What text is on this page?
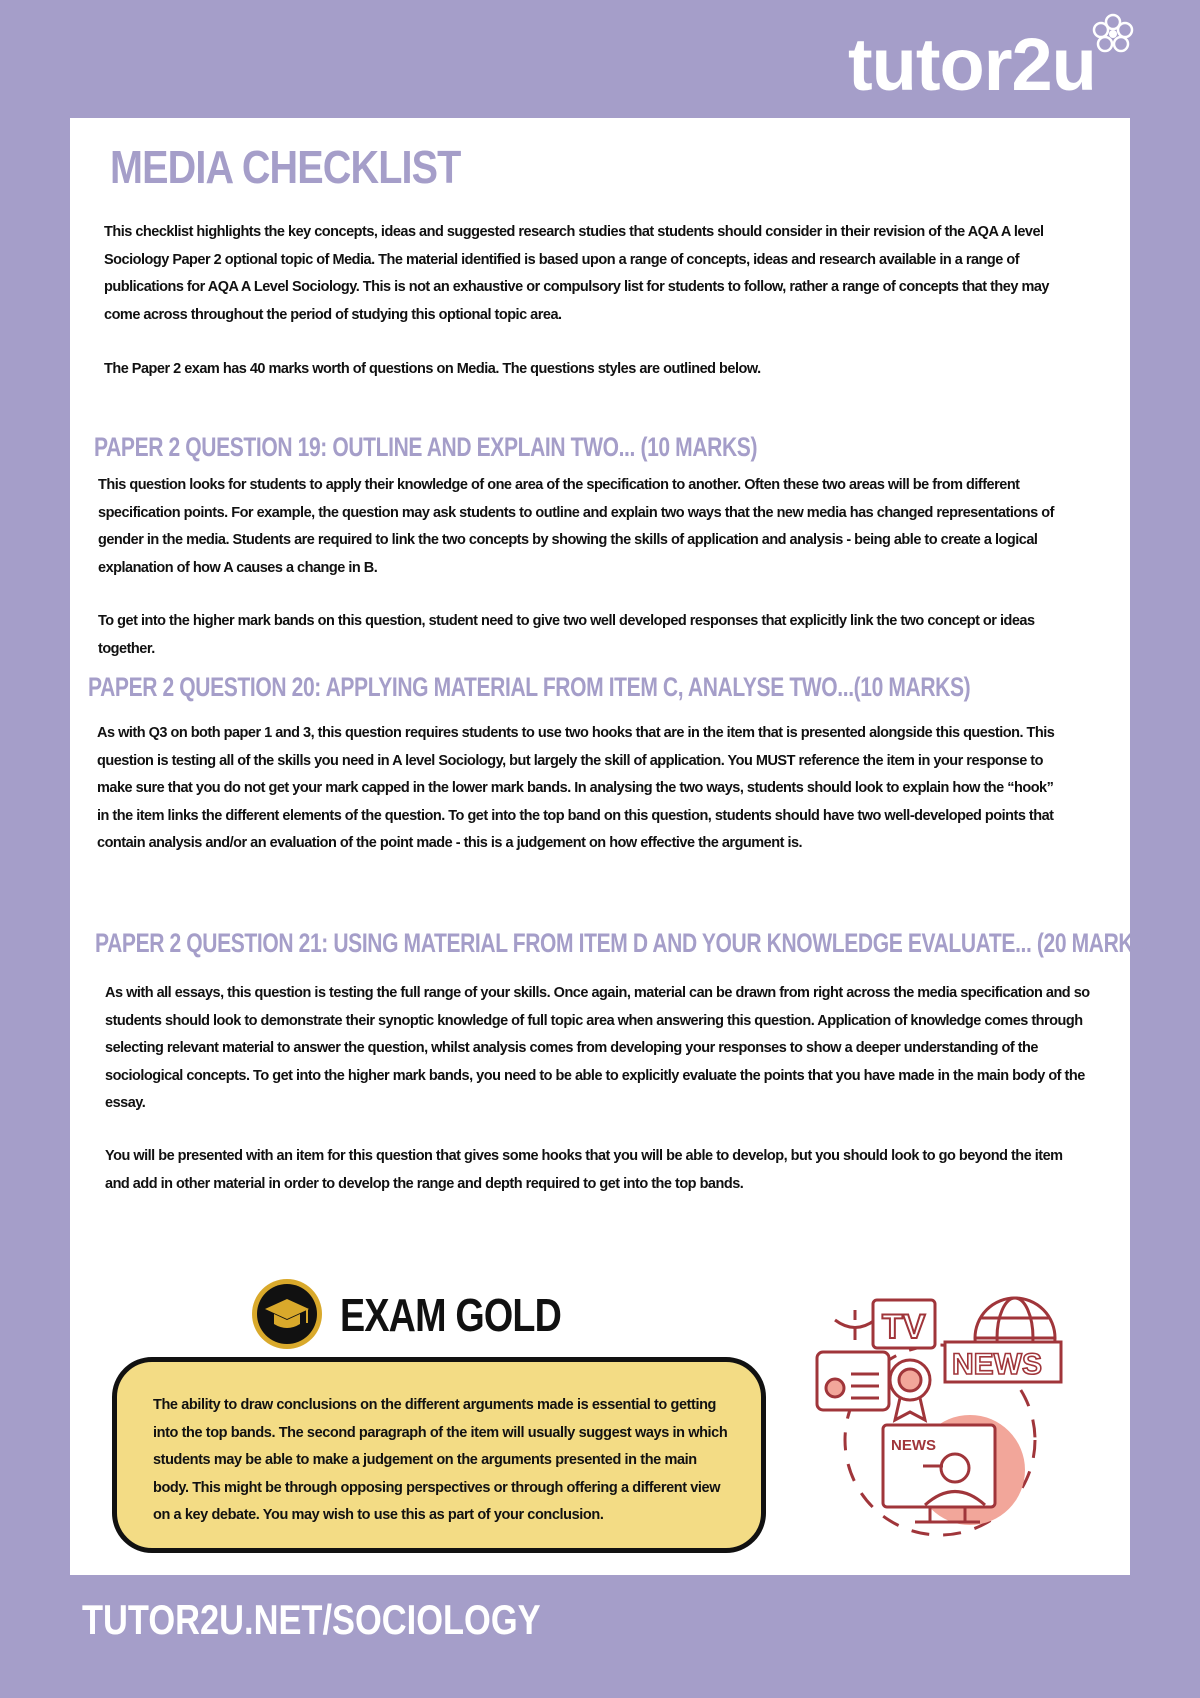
tutor2u
MEDIA CHECKLIST

This checklist highlights the key concepts, ideas and suggested research studies that students should consider in their revision of the AQA A level Sociology Paper 2 optional topic of Media. The material identified is based upon a range of concepts, ideas and research available in a range of publications for AQA A Level Sociology. This is not an exhaustive or compulsory list for students to follow, rather a range of concepts that they may come across throughout the period of studying this optional topic area.

The Paper 2 exam has 40 marks worth of questions on Media. The questions styles are outlined below.

PAPER 2 QUESTION 19: OUTLINE AND EXPLAIN TWO... (10 MARKS)

This question looks for students to apply their knowledge of one area of the specification to another. Often these two areas will be from different specification points. For example, the question may ask students to outline and explain two ways that the new media has changed representations of gender in the media. Students are required to link the two concepts by showing the skills of application and analysis - being able to create a logical explanation of how A causes a change in B.

To get into the higher mark bands on this question, student need to give two well developed responses that explicitly link the two concept or ideas together.

PAPER 2 QUESTION 20: APPLYING MATERIAL FROM ITEM C, ANALYSE TWO...(10 MARKS)

As with Q3 on both paper 1 and 3, this question requires students to use two hooks that are in the item that is presented alongside this question. This question is testing all of the skills you need in A level Sociology, but largely the skill of application. You MUST reference the item in your response to make sure that you do not get your mark capped in the lower mark bands. In analysing the two ways, students should look to explain how the “hook” in the item links the different elements of the question. To get into the top band on this question, students should have two well-developed points that contain analysis and/or an evaluation of the point made - this is a judgement on how effective the argument is.

PAPER 2 QUESTION 21: USING MATERIAL FROM ITEM D AND YOUR KNOWLEDGE EVALUATE... (20 MARKS)

As with all essays, this question is testing the full range of your skills. Once again, material can be drawn from right across the media specification and so students should look to demonstrate their synoptic knowledge of full topic area when answering this question. Application of knowledge comes through selecting relevant material to answer the question, whilst analysis comes from developing your responses to show a deeper understanding of the sociological concepts. To get into the higher mark bands, you need to be able to explicitly evaluate the points that you have made in the main body of the essay.

You will be presented with an item for this question that gives some hooks that you will be able to develop, but you should look to go beyond the item and add in other material in order to develop the range and depth required to get into the top bands.

EXAM GOLD

The ability to draw conclusions on the different arguments made is essential to getting into the top bands. The second paragraph of the item will usually suggest ways in which students may be able to make a judgement on the arguments presented in the main body. This might be through opposing perspectives or through offering a different view on a key debate. You may wish to use this as part of your conclusion.

TV
NEWS
NEWS
TUTOR2U.NET/SOCIOLOGY
